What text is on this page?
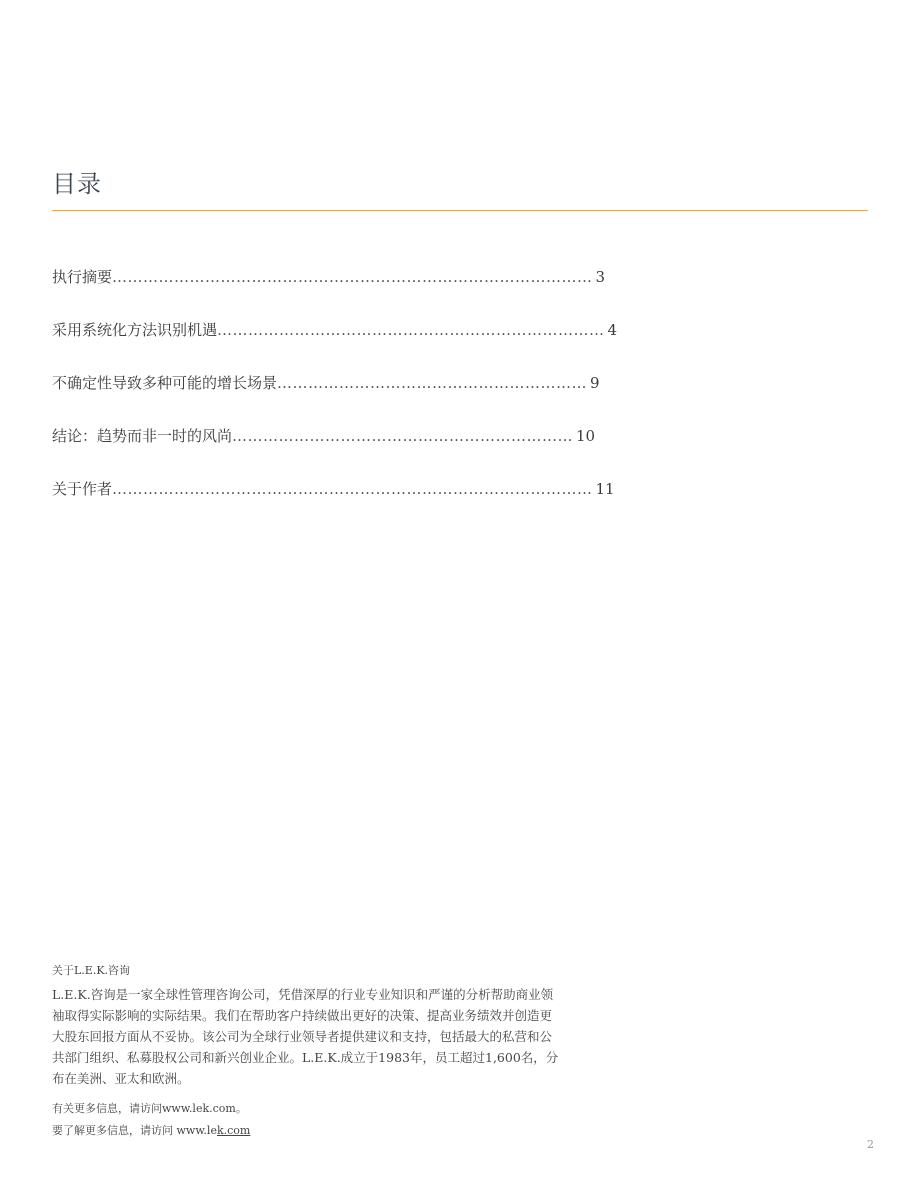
目录
执行摘要 ………………………………………………………………………………… 3
采用系统化方法识别机遇 ………………………………………………………………… 4
不确定性导致多种可能的增长场景 …………………………………………………… 9
结论：趋势而非一时的风尚 ………………………………………………………… 10
关于作者 ………………………………………………………………………………… 11

关于L.E.K.咨询

L.E.K.咨询是一家全球性管理咨询公司，凭借深厚的行业专业知识和严谨的分析帮助商业领袖取得实际影响的实际结果。我们在帮助客户持续做出更好的决策、提高业务绩效并创造更大股东回报方面从不妥协。该公司为全球行业领导者提供建议和支持，包括最大的私营和公共部门组织、私募股权公司和新兴创业企业。L.E.K.成立于1983年，员工超过1,600名，分布在美洲、亚太和欧洲。

有关更多信息，请访问www.lek.com。
要了解更多信息，请访问 www.lek.com
2
